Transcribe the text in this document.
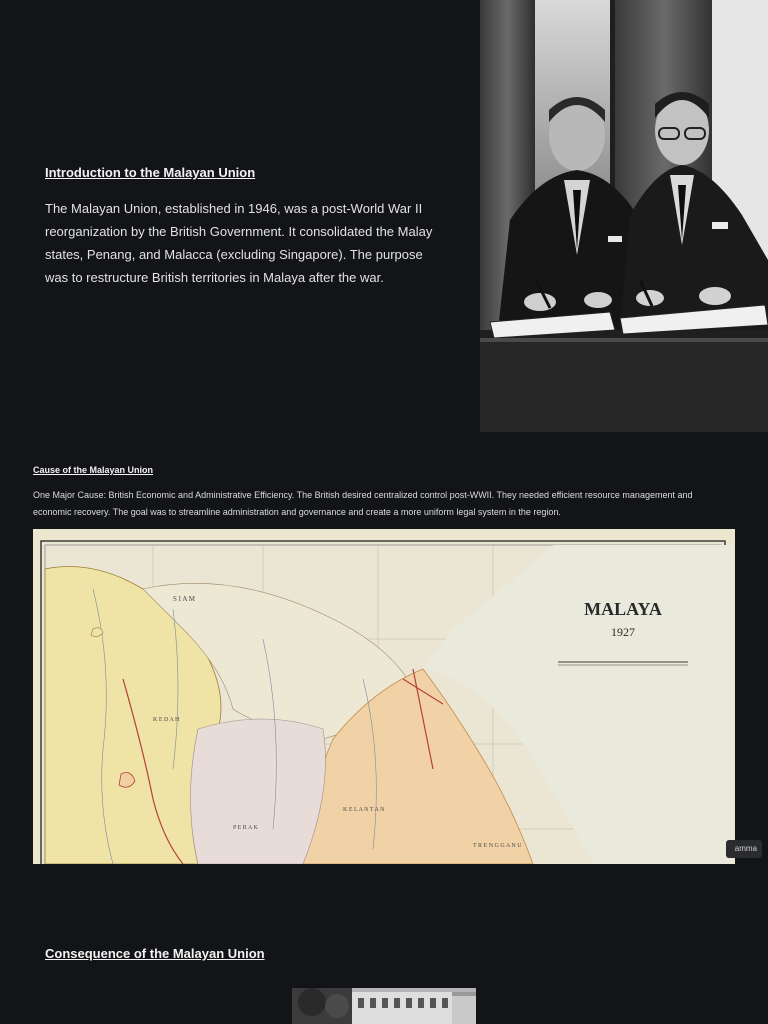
Introduction to the Malayan Union

The Malayan Union, established in 1946, was a post-World War II reorganization by the British Government. It consolidated the Malay states, Penang, and Malacca (excluding Singapore). The purpose was to restructure British territories in Malaya after the war.

Cause of the Malayan Union

One Major Cause: British Economic and Administrative Efficiency. The British desired centralized control post-WWII. They needed efficient resource management and economic recovery. The goal was to streamline administration and governance and create a more uniform legal system in the region.

MALAYA
1927
S I A M
K E L A N T A N
T R E N G G A N U
K E D A H
P E R A K
amma
Consequence of the Malayan Union
